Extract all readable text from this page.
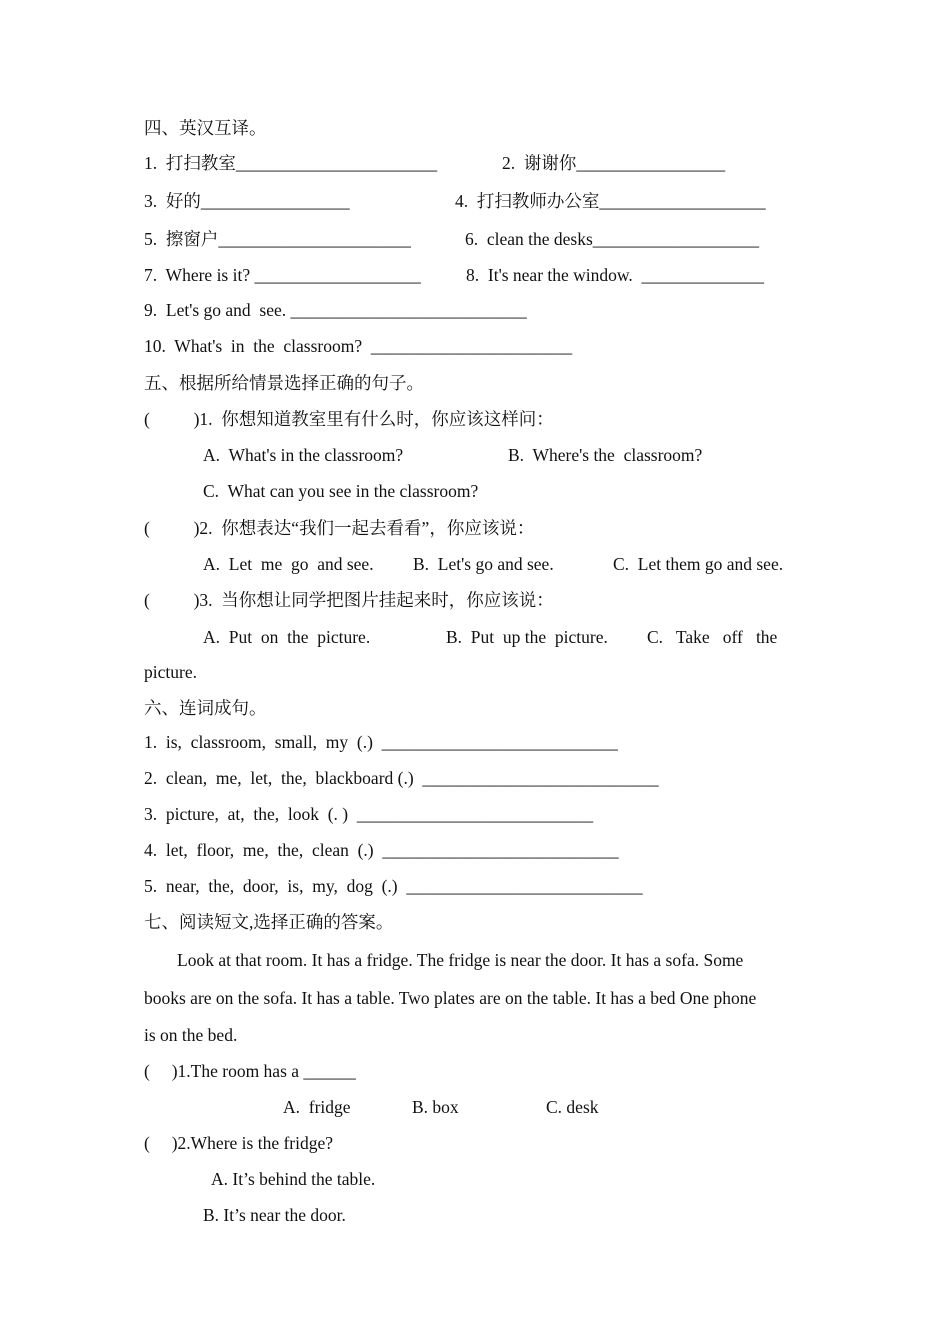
四、英汉互译。
1.  打扫教室_______________________	2.  谢谢你_________________
3.  好的_________________	4.  打扫教师办公室___________________
5.  擦窗户______________________	6.  clean the desks___________________
7.  Where is it? ___________________	8.  It's near the window.  ______________
9.  Let's go and  see. ___________________________
10.  What's  in  the  classroom?  _______________________
五、根据所给情景选择正确的句子。
(          )1.  你想知道教室里有什么时，你应该这样问：
A.  What's in the classroom?	B.  Where's the  classroom?
C.  What can you see in the classroom?
(          )2.  你想表达“我们一起去看看”，你应该说：
A.  Let  me  go  and see. B.  Let's go and see.	C.  Let them go and see.
(          )3.  当你想让同学把图片挂起来时，你应该说：
A.  Put  on  the  picture.	B.  Put  up the  picture. C.   Take   off   the
picture.
六、连词成句。
1.  is,  classroom,  small,  my  (.)  ___________________________
2.  clean,  me,  let,  the,  blackboard (.)  ___________________________
3.  picture,  at,  the,  look  (. )  ___________________________
4.  let,  floor,  me,  the,  clean  (.)  ___________________________
5.  near,  the,  door,  is,  my,  dog  (.)  ___________________________
七、阅读短文,选择正确的答案。
Look at that room. It has a fridge. The fridge is near the door. It has a sofa. Some
books are on the sofa. It has a table. Two plates are on the table. It has a bed One phone
is on the bed.
(     )1.The room has a ______
A.  fridge	B. box	C. desk
(     )2.Where is the fridge?
A. It’s behind the table.
B. It’s near the door.
